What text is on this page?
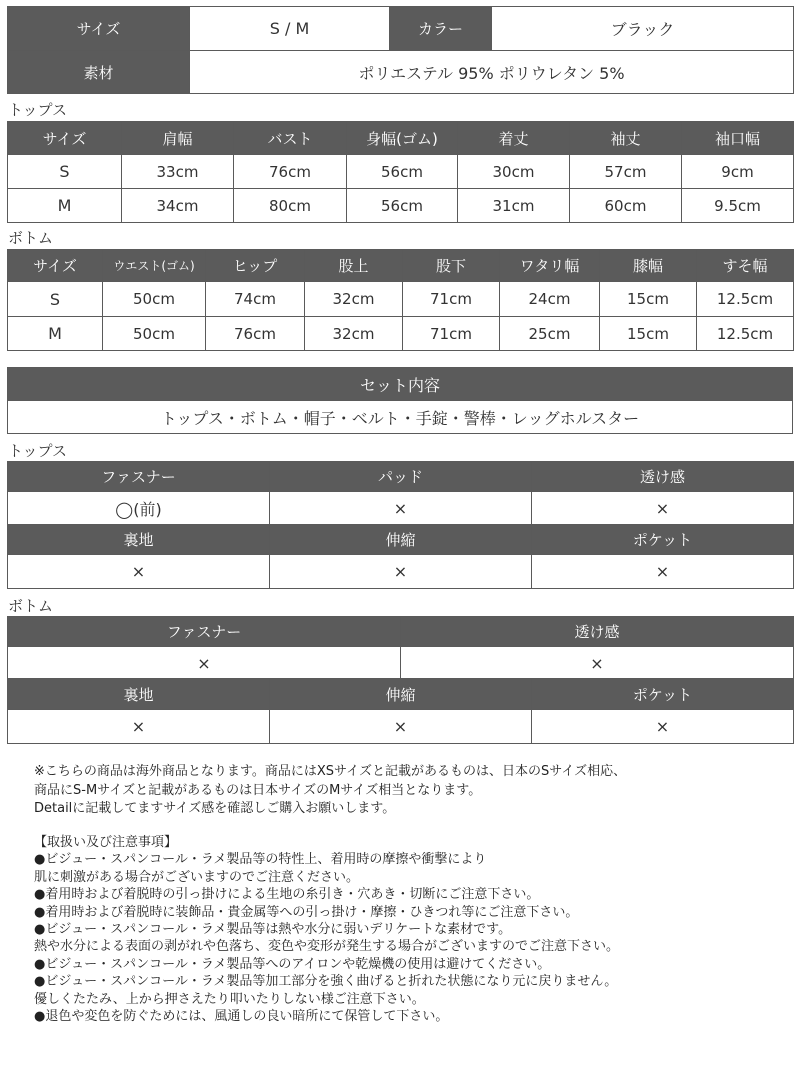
サイズ	S / M	カラー	ブラック
素材	ポリエステル 95% ポリウレタン 5%		
トップス
サイズ	肩幅	バスト	身幅(ゴム)	着丈	袖丈	袖口幅
S	33cm	76cm	56cm	30cm	57cm	9cm
M	34cm	80cm	56cm	31cm	60cm	9.5cm
ボトム
サイズ	ウエスト(ゴム)	ヒップ	股上	股下	ワタリ幅	膝幅	すそ幅
S	50cm	74cm	32cm	71cm	24cm	15cm	12.5cm
M	50cm	76cm	32cm	71cm	25cm	15cm	12.5cm
セット内容
トップス・ボトム・帽子・ベルト・手錠・警棒・レッグホルスター
トップス
ファスナー	パッド	透け感
◯(前)	×	×
裏地	伸縮	ポケット
×	×	×
ボトム
ファスナー	透け感
×	×
裏地	伸縮	ポケット
×	×	×

※こちらの商品は海外商品となります。商品にはXSサイズと記載があるものは、日本のSサイズ相応、

商品にS-Mサイズと記載があるものは日本サイズのMサイズ相当となります。

Detailに記載してますサイズ感を確認しご購入お願いします。

【取扱い及び注意事項】

●ビジュー・スパンコール・ラメ製品等の特性上、着用時の摩擦や衝撃により

肌に刺激がある場合がございますのでご注意ください。

●着用時および着脱時の引っ掛けによる生地の糸引き・穴あき・切断にご注意下さい。

●着用時および着脱時に装飾品・貴金属等への引っ掛け・摩擦・ひきつれ等にご注意下さい。

●ビジュー・スパンコール・ラメ製品等は熱や水分に弱いデリケートな素材です。

熱や水分による表面の剥がれや色落ち、変色や変形が発生する場合がございますのでご注意下さい。

●ビジュー・スパンコール・ラメ製品等へのアイロンや乾燥機の使用は避けてください。

●ビジュー・スパンコール・ラメ製品等加工部分を強く曲げると折れた状態になり元に戻りません。

優しくたたみ、上から押さえたり叩いたりしない様ご注意下さい。

●退色や変色を防ぐためには、風通しの良い暗所にて保管して下さい。
